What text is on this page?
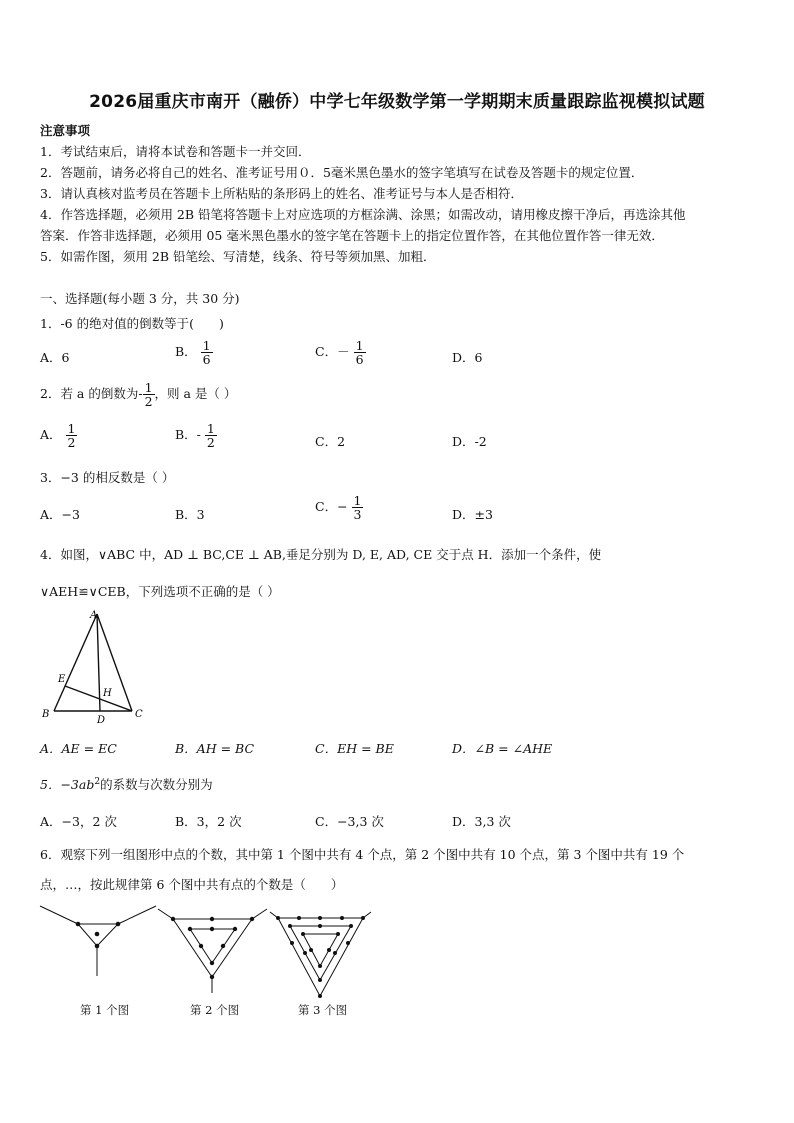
2026届重庆市南开（融侨）中学七年级数学第一学期期末质量跟踪监视模拟试题
注意事项
1．考试结束后，请将本试卷和答题卡一并交回．
2．答题前，请务必将自己的姓名、准考证号用０．5毫米黑色墨水的签字笔填写在试卷及答题卡的规定位置．
3．请认真核对监考员在答题卡上所粘贴的条形码上的姓名、准考证号与本人是否相符．
4．作答选择题，必须用 2B 铅笔将答题卡上对应选项的方框涂满、涂黑；如需改动，请用橡皮擦干净后，再选涂其他
答案．作答非选择题，必须用 05 毫米黑色墨水的签字笔在答题卡上的指定位置作答，在其他位置作答一律无效．
5．如需作图，须用 2B 铅笔绘、写清楚，线条、符号等须加黑、加粗．
一、选择题(每小题 3 分，共 30 分)
1．-6 的绝对值的倒数等于(　　)
A．6	B． $\frac{1}{6}$	C．－ $\frac{1}{6}$	D．6
2．若 a 的倒数为- $\frac{1}{2}$ ，则 a 是（ ）
A． $\frac{1}{2}$	B．- $\frac{1}{2}$	C．2	D．-2
3．−3 的相反数是（ ）
A．−3	B．3
C．− $\frac{1}{3}$	D．±3
4．如图，∨ABC 中，AD ⊥ BC,CE ⊥ AB,垂足分别为 D, E, AD, CE 交于点 H．添加一个条件，使
∨AEH≌∨CEB，下列选项不正确的是（ ）
A
B	C
D
E
H
A．AE = EC	B．AH = BC	C．EH = BE	D．∠B = ∠AHE
5．$-3ab^2$的系数与次数分别为
A．−3，2 次	B．3，2 次	C．−3,3 次	D．3,3 次
6．观察下列一组图形中点的个数，其中第 1 个图中共有 4 个点，第 2 个图中共有 10 个点，第 3 个图中共有 19 个
点，…，按此规律第 6 个图中共有点的个数是（　　）
第 1 个图	第 2 个图	第 3 个图
